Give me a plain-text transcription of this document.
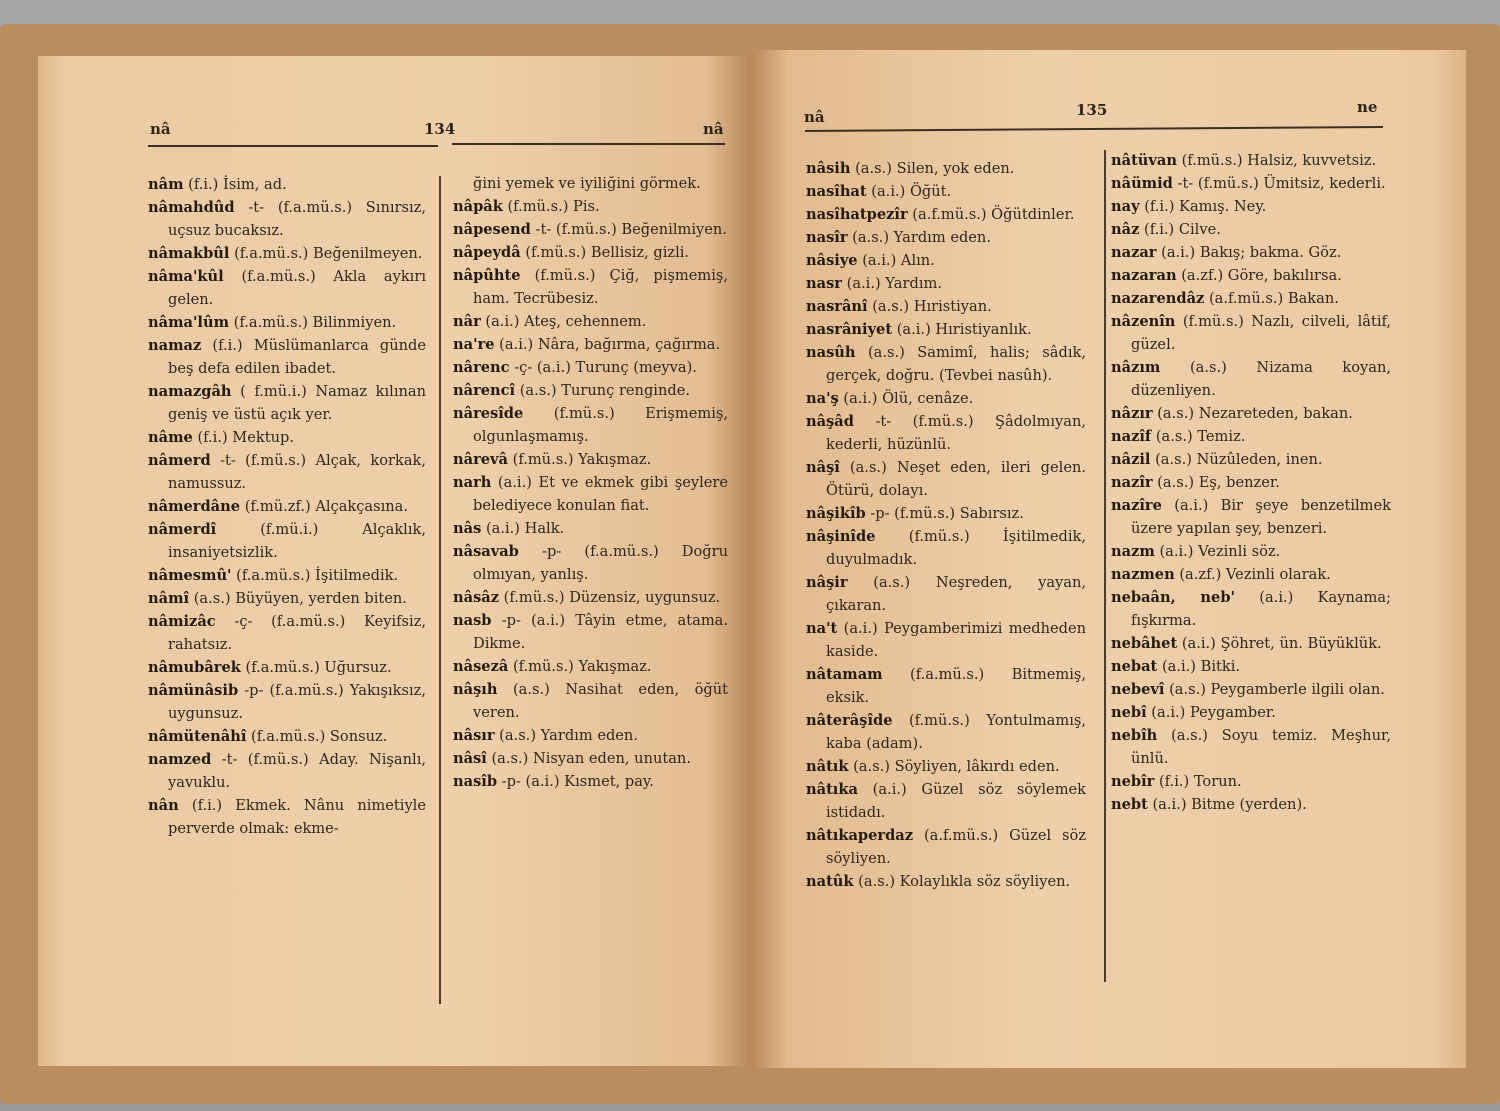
nâ	134	nâ
nâ	135	ne

nâm (f.i.) İsim, ad.

nâmahdûd -t- (f.a.mü.s.) Sınırsız, uçsuz bucaksız.

nâmakbûl (f.a.mü.s.) Beğenilmeyen.

nâma'kûl (f.a.mü.s.) Akla aykırı gelen.

nâma'lûm (f.a.mü.s.) Bilinmiyen.

namaz (f.i.) Müslümanlarca günde beş defa edilen ibadet.

namazgâh ( f.mü.i.) Namaz kılınan geniş ve üstü açık yer.

nâme (f.i.) Mektup.

nâmerd -t- (f.mü.s.) Alçak, korkak, namussuz.

nâmerdâne (f.mü.zf.) Alçakçasına.

nâmerdî	(f.mü.i.) Alçaklık, insaniyetsizlik.

nâmesmû' (f.a.mü.s.) İşitilmedik.

nâmî (a.s.) Büyüyen, yerden biten.

nâmizâc -ç- (f.a.mü.s.) Keyifsiz, rahatsız.

nâmubârek (f.a.mü.s.) Uğursuz.

nâmünâsib -p- (f.a.mü.s.) Yakışıksız, uygunsuz.

nâmütenâhî (f.a.mü.s.) Sonsuz.

namzed -t- (f.mü.s.) Aday. Nişanlı, yavuklu.

nân (f.i.) Ekmek. Nânu nimetiyle perverde olmak: ekme-

ğini yemek ve iyiliğini görmek.

nâpâk (f.mü.s.) Pis.

nâpesend -t- (f.mü.s.) Beğenilmiyen.

nâpeydâ (f.mü.s.) Bellisiz, gizli.

nâpûhte (f.mü.s.) Çiğ, pişmemiş, ham. Tecrübesiz.

nâr (a.i.) Ateş, cehennem.

na're (a.i.) Nâra, bağırma, çağırma.

nârenc -ç- (a.i.) Turunç (meyva).

nârencî (a.s.) Turunç renginde.

nâresîde (f.mü.s.) Erişmemiş, olgunlaşmamış.

nârevâ (f.mü.s.) Yakışmaz.

narh (a.i.) Et ve ekmek gibi şeylere belediyece konulan fiat.

nâs (a.i.) Halk.

nâsavab -p- (f.a.mü.s.) Doğru olmıyan, yanlış.

nâsâz (f.mü.s.) Düzensiz, uygunsuz.

nasb -p- (a.i.) Tâyin etme, atama. Dikme.

nâsezâ (f.mü.s.) Yakışmaz.

nâşıh (a.s.) Nasihat eden, öğüt veren.

nâsır (a.s.) Yardım eden.

nâsî (a.s.) Nisyan eden, unutan.

nasîb -p- (a.i.) Kısmet, pay.

nâsih (a.s.) Silen, yok eden.

nasîhat (a.i.) Öğüt.

nasîhatpezîr (a.f.mü.s.) Öğütdinler.

nasîr (a.s.) Yardım eden.

nâsiye (a.i.) Alın.

nasr (a.i.) Yardım.

nasrânî (a.s.) Hıristiyan.

nasrâniyet (a.i.) Hıristiyanlık.

nasûh (a.s.) Samimî, halis; sâdık, gerçek, doğru. (Tevbei nasûh).

na'ş (a.i.) Ölü, cenâze.

nâşâd -t- (f.mü.s.) Şâdolmıyan, kederli, hüzünlü.

nâşî (a.s.) Neşet eden, ileri gelen. Ötürü, dolayı.

nâşikîb -p- (f.mü.s.) Sabırsız.

nâşinîde (f.mü.s.) İşitilmedik, duyulmadık.

nâşir (a.s.) Neşreden, yayan, çıkaran.

na't (a.i.) Peygamberimizi medheden kaside.

nâtamam (f.a.mü.s.) Bitmemiş, eksik.

nâterâşîde (f.mü.s.) Yontulmamış, kaba (adam).

nâtık (a.s.) Söyliyen, lâkırdı eden.

nâtıka (a.i.) Güzel söz söylemek istidadı.

nâtıkaperdaz (a.f.mü.s.) Güzel söz söyliyen.

natûk (a.s.) Kolaylıkla söz söyliyen.

nâtüvan (f.mü.s.) Halsiz, kuvvetsiz.

nâümid -t- (f.mü.s.) Ümitsiz, kederli.

nay (f.i.) Kamış. Ney.

nâz (f.i.) Cilve.

nazar (a.i.) Bakış; bakma. Göz.

nazaran (a.zf.) Göre, bakılırsa.

nazarendâz (a.f.mü.s.) Bakan.

nâzenîn (f.mü.s.) Nazlı, cilveli, lâtif, güzel.

nâzım (a.s.) Nizama koyan, düzenliyen.

nâzır (a.s.) Nezareteden, bakan.

nazîf (a.s.) Temiz.

nâzil (a.s.) Nüzûleden, inen.

nazîr (a.s.) Eş, benzer.

nazîre (a.i.) Bir şeye benzetilmek üzere yapılan şey, benzeri.

nazm (a.i.) Vezinli söz.

nazmen (a.zf.) Vezinli olarak.

nebaân, neb' (a.i.) Kaynama; fışkırma.

nebâhet (a.i.) Şöhret, ün. Büyüklük.

nebat (a.i.) Bitki.

nebevî (a.s.) Peygamberle ilgili olan.

nebî (a.i.) Peygamber.

nebîh (a.s.) Soyu temiz. Meşhur, ünlü.

nebîr (f.i.) Torun.

nebt (a.i.) Bitme (yerden).
